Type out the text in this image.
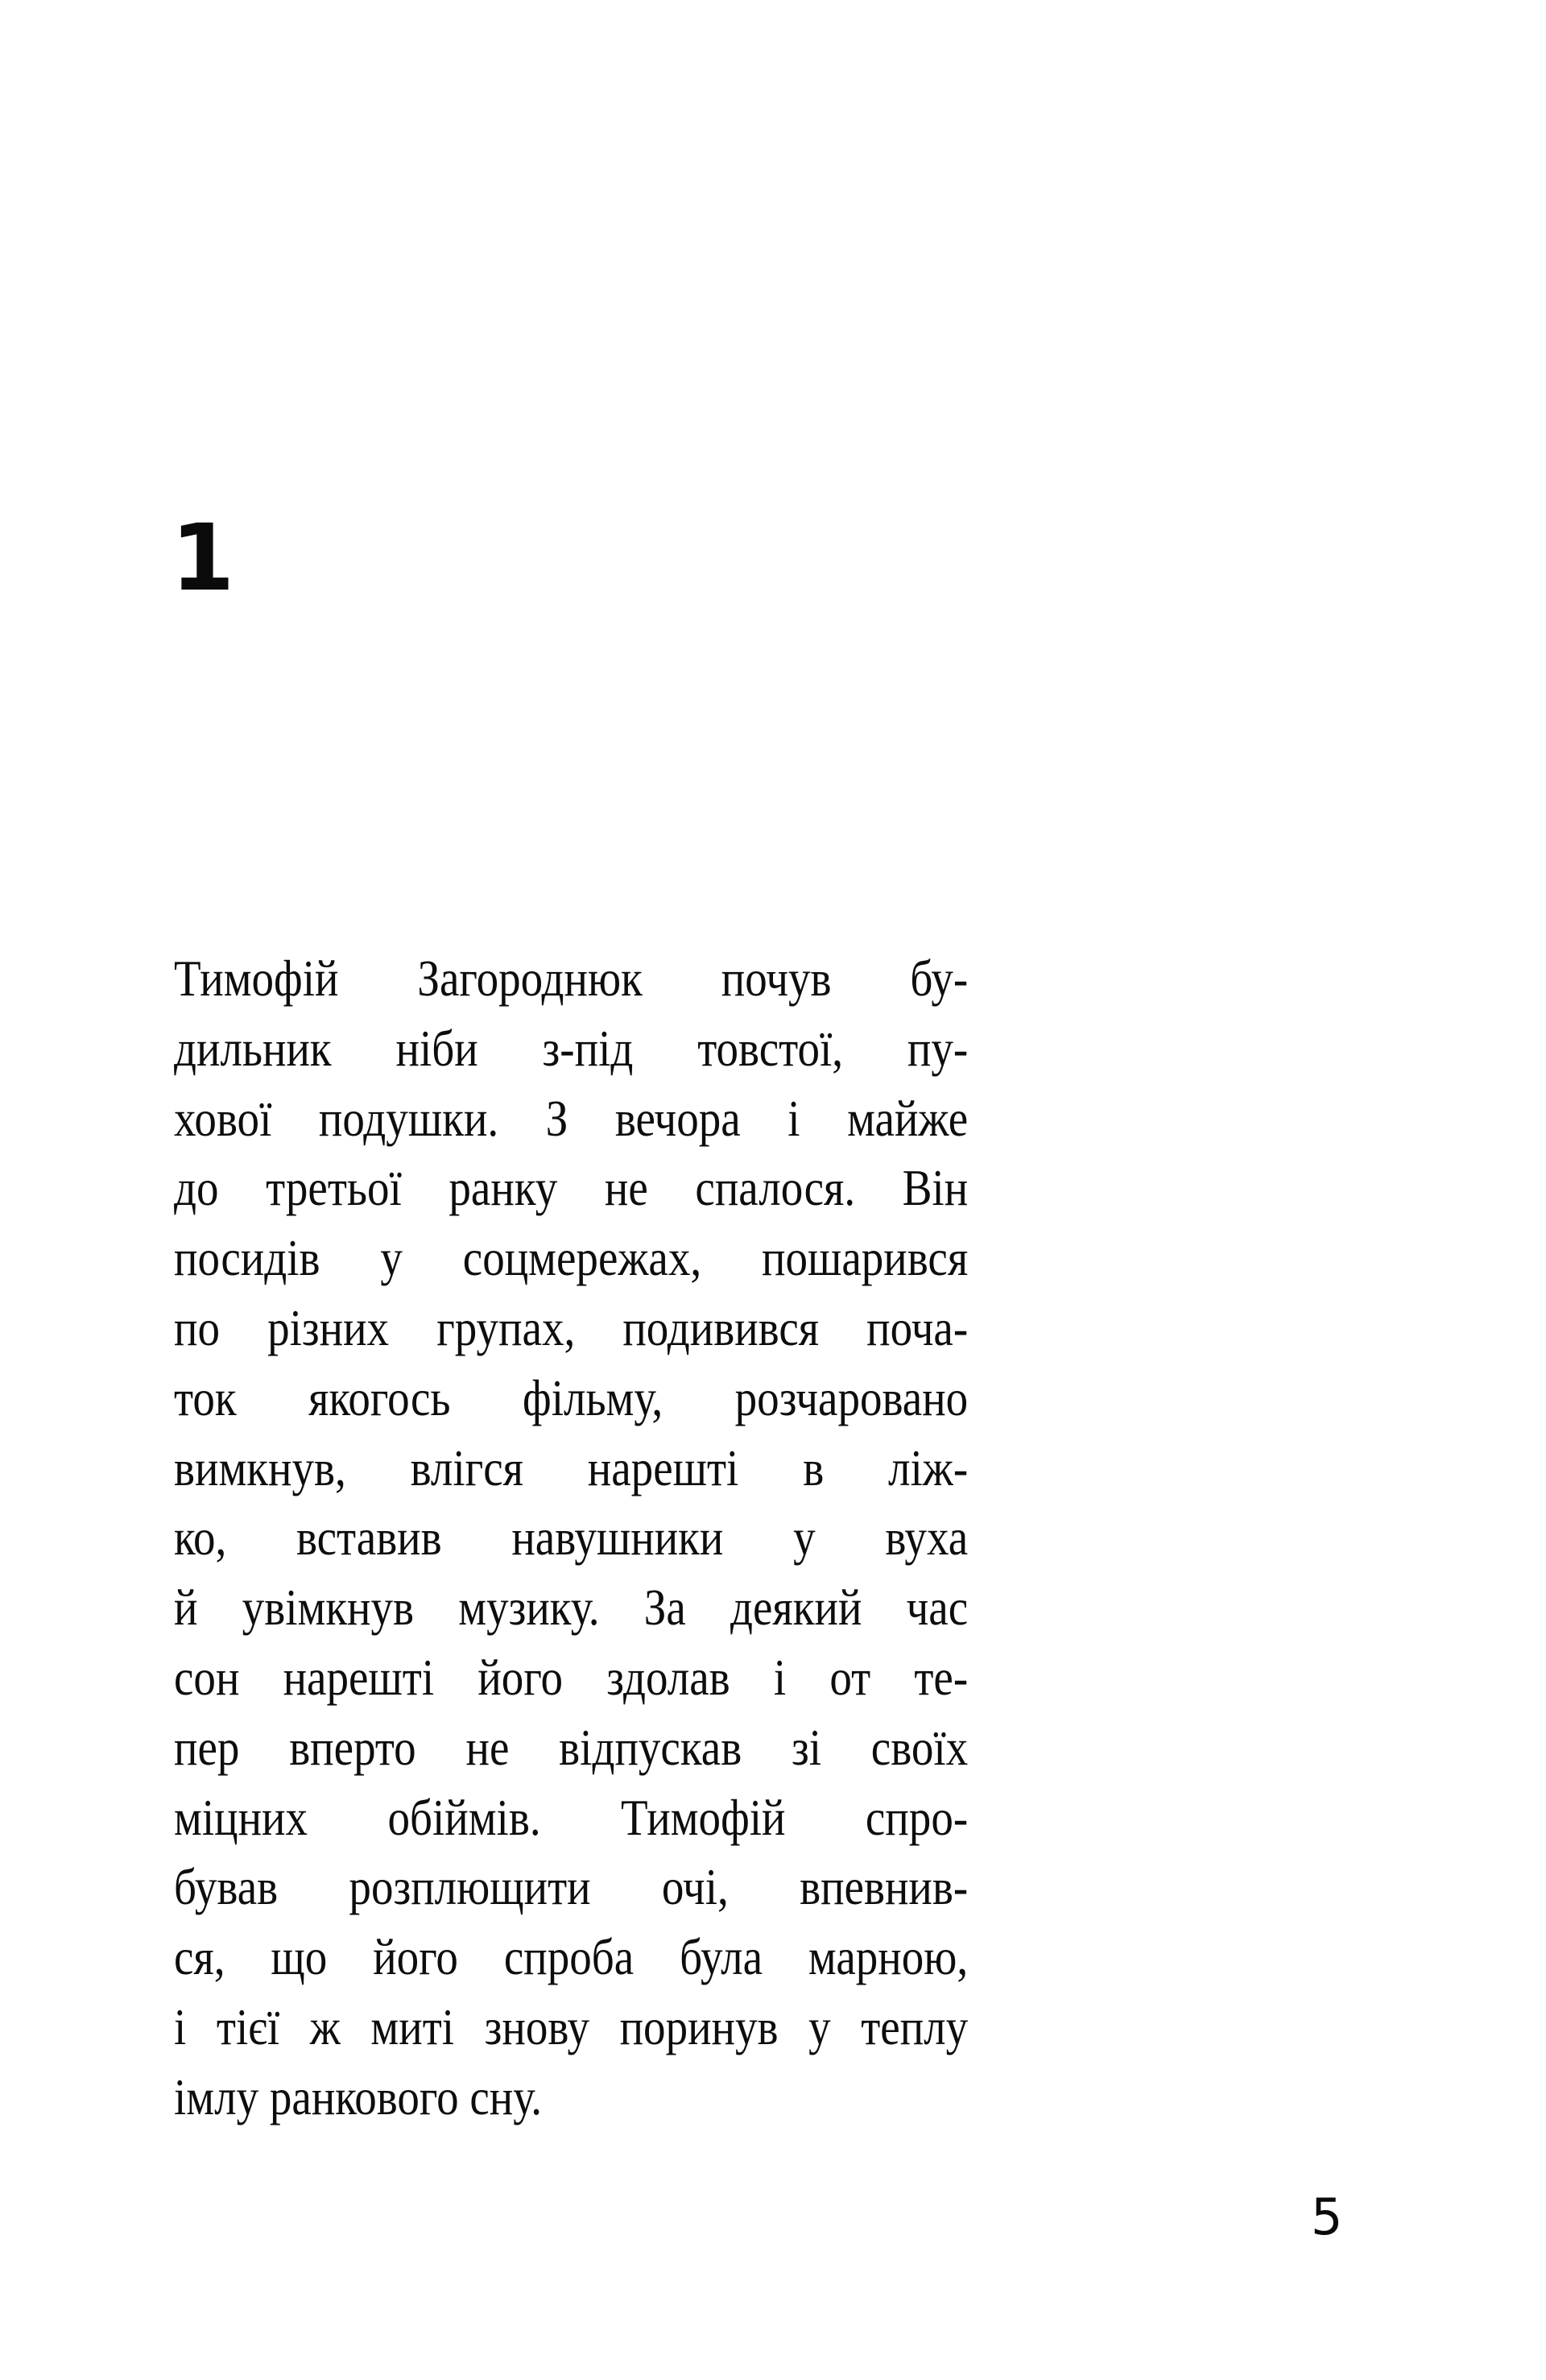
1

Тимофій Загороднюк почув бу-
дильник ніби з-під товстої, пу-
хової подушки. З вечора і майже
до третьої ранку не спалося. Він
посидів у соцмережах, пошарився
по різних групах, подивився поча-
ток якогось фільму, розчаровано
вимкнув, влігся нарешті в ліж-
ко, вставив навушники у вуха
й увімкнув музику. За деякий час
сон нарешті його здолав і от те-
пер вперто не відпускав зі своїх
міцних обіймів. Тимофій спро-
бував розплющити очі, впевнив-
ся, що його спроба була марною,
і тієї ж миті знову поринув у теплу
імлу ранкового сну.

5
